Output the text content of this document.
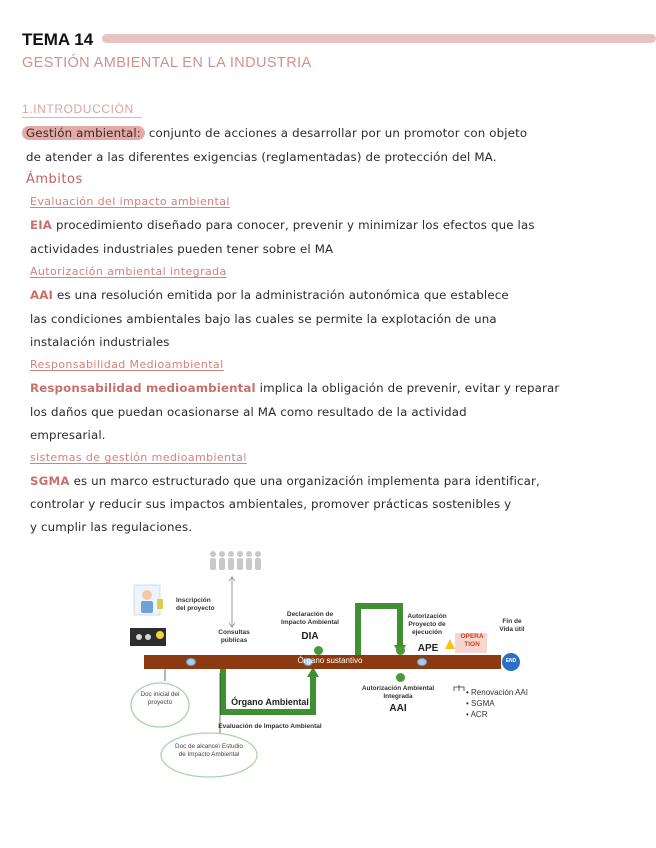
TEMA 14
GESTIÓN AMBIENTAL EN LA INDUSTRIA
1.INTRODUCCIÓN
Gestión ambiental: conjunto de acciones a desarrollar por un promotor con objeto
de atender a las diferentes exigencias (reglamentadas) de protección del MA.
Ámbitos
Evaluación del impacto ambiental
EIA procedimiento diseñado para conocer, prevenir y minimizar los efectos que las
actividades industriales pueden tener sobre el MA
Autorización ambiental integrada
AAI es una resolución emitida por la administración autonómica que establece
las condiciones ambientales bajo las cuales se permite la explotación de una
instalación industriales
Responsabilidad Medioambiental
Responsabilidad medioambiental implica la obligación de prevenir, evitar y reparar
los daños que puedan ocasionarse al MA como resultado de la actividad
empresarial.
sistemas de gestión medioambiental
SGMA es un marco estructurado que una organización implementa para identificar,
controlar y reducir sus impactos ambientales, promover prácticas sostenibles y
y cumplir las regulaciones.
Inscripción del proyecto
Consultas públicas
Declaración de Impacto Ambiental
DIA
Autorización Proyecto de ejecución
APE
OPERA TION
Fin de Vida útil
END
Órgano sustantivo
Órgano Ambiental
Evaluación de Impacto Ambiental
Autorización Ambiental Integrada
AAI
Doc inicial del proyecto
Doc de alcance\ Estudio de Impacto Ambiental
• Renovación AAI
• SGMA
• ACR
